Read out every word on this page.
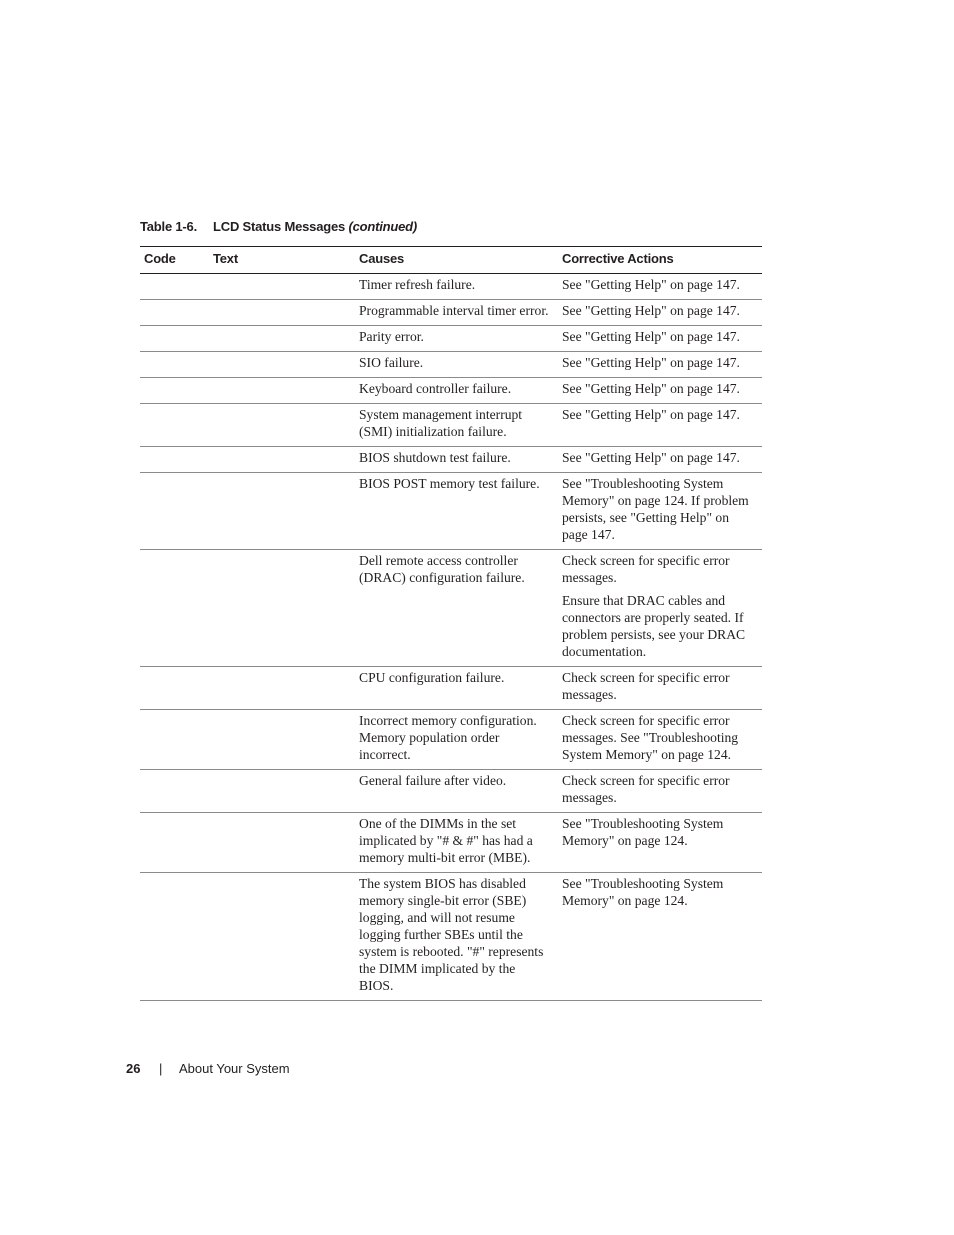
Table 1-6. LCD Status Messages (continued)
Code	Text	Causes	Corrective Actions
		Timer refresh failure.	See "Getting Help" on page 147.

		Programmable interval timer error.	See "Getting Help" on page 147.

		Parity error.	See "Getting Help" on page 147.

		SIO failure.	See "Getting Help" on page 147.

		Keyboard controller failure.	See "Getting Help" on page 147.

		System management interrupt (SMI) initialization failure.	See "Getting Help" on page 147.

		BIOS shutdown test failure.	See "Getting Help" on page 147.

		BIOS POST memory test failure.	See "Troubleshooting System Memory" on page 124. If problem persists, see "Getting Help" on page 147.

		Dell remote access controller (DRAC) configuration failure.	Check screen for specific error messages.

Ensure that DRAC cables and connectors are properly seated. If problem persists, see your DRAC documentation.

		CPU configuration failure.	Check screen for specific error messages.

		Incorrect memory configuration. Memory population order incorrect.	Check screen for specific error messages. See "Troubleshooting System Memory" on page 124.

		General failure after video.	Check screen for specific error messages.

		One of the DIMMs in the set implicated by "# & #" has had a memory multi-bit error (MBE).	See "Troubleshooting System Memory" on page 124.

		The system BIOS has disabled memory single-bit error (SBE) logging, and will not resume logging further SBEs until the system is rebooted. "#" represents the DIMM implicated by the BIOS.	See "Troubleshooting System Memory" on page 124.

26 | About Your System
